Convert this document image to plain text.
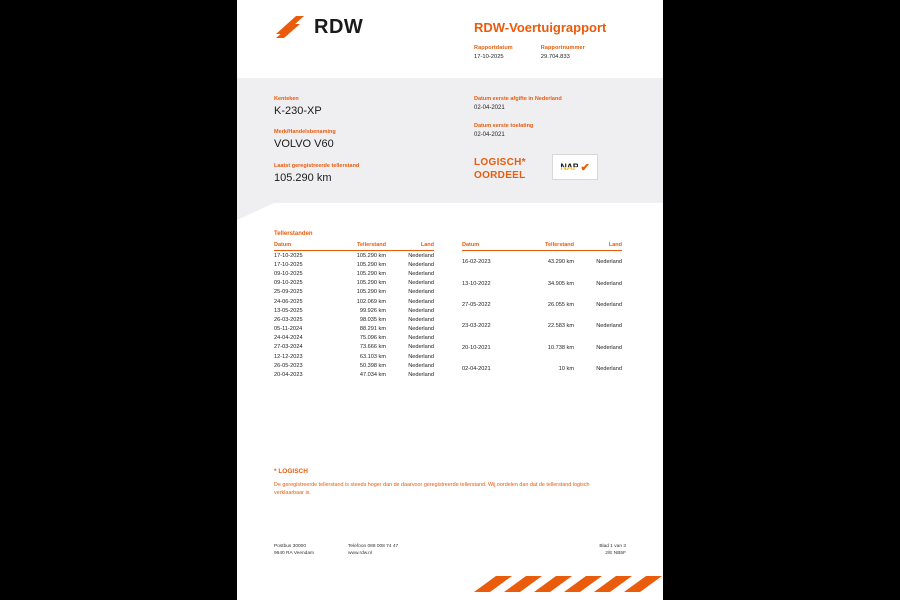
RDW	RDW-Voertuigrapport
Rapportdatum
17-10-2025
Rapportnummer
29.704.833
Kenteken
K-230-XP
Merk/Handelsbenaming
VOLVO V60
Laatst geregistreerde tellerstand
105.290 km
Datum eerste afgifte in Nederland
02-04-2021
Datum eerste toelating
02-04-2021
LOGISCH*
OORDEEL
NAP ✔
Tellerstanden
Datum	Tellerstand	Land
17-10-2025	105.290 km	Nederland
17-10-2025	105.290 km	Nederland
09-10-2025	105.290 km	Nederland
09-10-2025	105.290 km	Nederland
25-09-2025	105.290 km	Nederland
24-06-2025	102.069 km	Nederland
13-05-2025	99.926 km	Nederland
26-03-2025	98.035 km	Nederland
05-11-2024	88.291 km	Nederland
24-04-2024	75.096 km	Nederland
27-03-2024	73.666 km	Nederland
12-12-2023	63.103 km	Nederland
26-05-2023	50.398 km	Nederland
20-04-2023	47.034 km	Nederland
Datum	Tellerstand	Land
16-02-2023	43.290 km	Nederland
13-10-2022	34.905 km	Nederland
27-05-2022	26.055 km	Nederland
23-03-2022	22.583 km	Nederland
20-10-2021	10.738 km	Nederland
02-04-2021	10 km	Nederland
* LOGISCH
De geregistreerde tellerstand is steeds hoger dan de daarvoor geregistreerde tellerstand. Wij oordelen dan dat de tellerstand logisch verklaarbaar is.
Postbus 30000
9640 RA Veendam
Telefoon 088 008 74 47
www.rdw.nl
Blad 1 van 3
2/E NB5F
